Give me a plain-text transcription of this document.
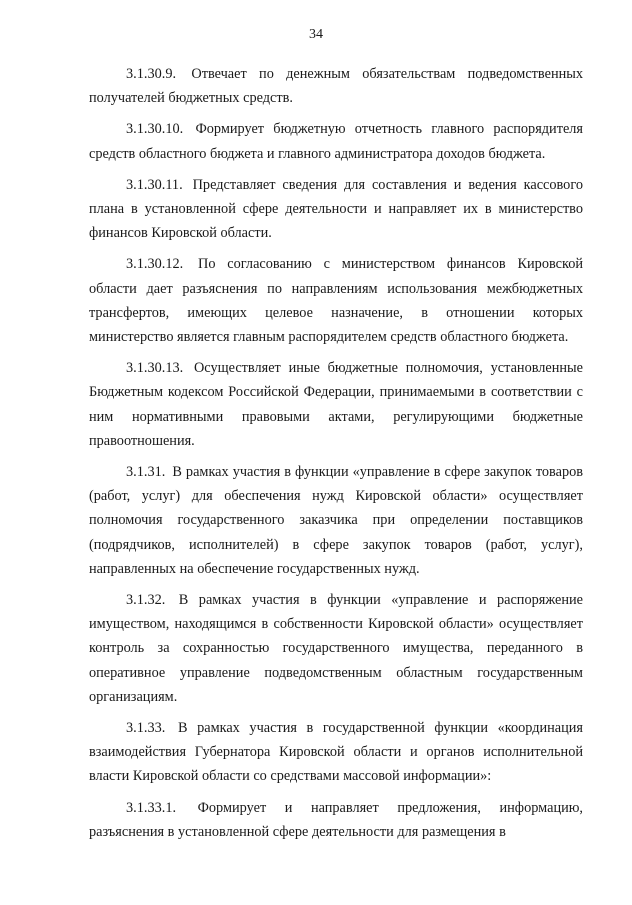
34

3.1.30.9. Отвечает по денежным обязательствам подведомственных получателей бюджетных средств.

3.1.30.10. Формирует бюджетную отчетность главного распорядителя средств областного бюджета и главного администратора доходов бюджета.

3.1.30.11. Представляет сведения для составления и ведения кассового плана в установленной сфере деятельности и направляет их в министерство финансов Кировской области.

3.1.30.12. По согласованию с министерством финансов Кировской области дает разъяснения по направлениям использования межбюджетных трансфертов, имеющих целевое назначение, в отношении которых министерство является главным распорядителем средств областного бюджета.

3.1.30.13. Осуществляет иные бюджетные полномочия, установленные Бюджетным кодексом Российской Федерации, принимаемыми в соответствии с ним нормативными правовыми актами, регулирующими бюджетные правоотношения.

3.1.31. В рамках участия в функции «управление в сфере закупок товаров (работ, услуг) для обеспечения нужд Кировской области» осуществляет полномочия государственного заказчика при определении поставщиков (подрядчиков, исполнителей) в сфере закупок товаров (работ, услуг), направленных на обеспечение государственных нужд.

3.1.32. В рамках участия в функции «управление и распоряжение имуществом, находящимся в собственности Кировской области» осуществляет контроль за сохранностью государственного имущества, переданного в оперативное управление подведомственным областным государственным организациям.

3.1.33. В рамках участия в государственной функции «координация взаимодействия Губернатора Кировской области и органов исполнительной власти Кировской области со средствами массовой информации»:

3.1.33.1. Формирует и направляет предложения, информацию, разъяснения в установленной сфере деятельности для размещения в
